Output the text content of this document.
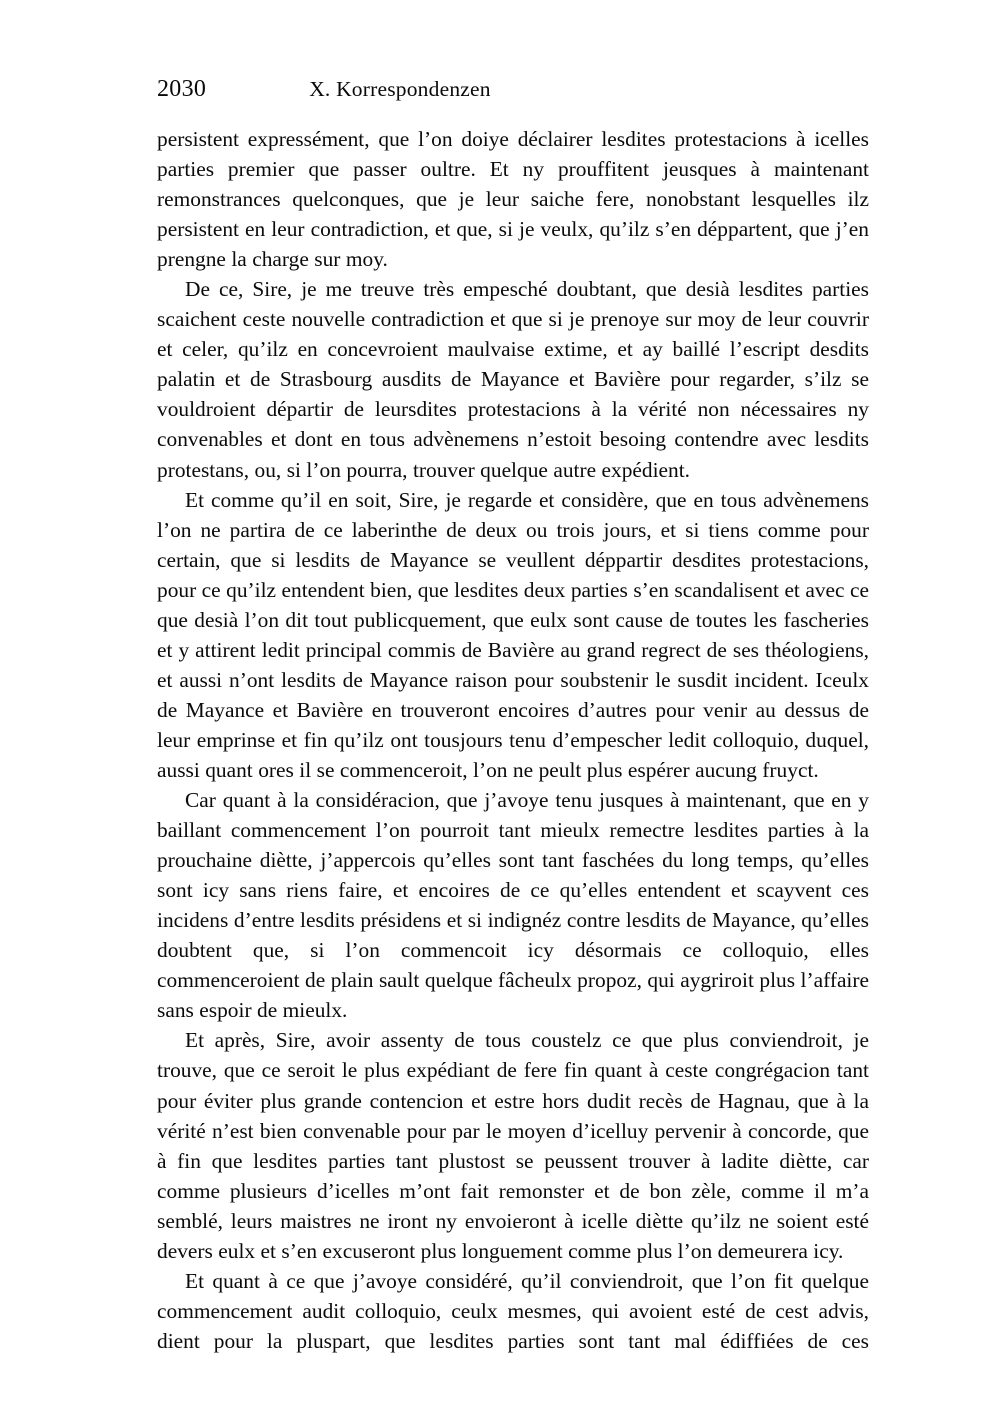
2030	X. Korrespondenzen

persistent expressément, que l’on doiye déclairer lesdites protestacions à icelles parties premier que passer oultre. Et ny prouffitent jeusques à maintenant remonstrances quelconques, que je leur saiche fere, nonobstant lesquelles ilz persistent en leur contradiction, et que, si je veulx, qu’ilz s’en déppartent, que j’en prengne la charge sur moy.

De ce, Sire, je me treuve très empesché doubtant, que desià lesdites parties scaichent ceste nouvelle contradiction et que si je prenoye sur moy de leur couvrir et celer, qu’ilz en concevroient maulvaise extime, et ay baillé l’escript desdits palatin et de Strasbourg ausdits de Mayance et Bavière pour regarder, s’ilz se vouldroient départir de leursdites protestacions à la vérité non nécessaires ny convenables et dont en tous advènemens n’estoit besoing contendre avec lesdits protestans, ou, si l’on pourra, trouver quelque autre expédient.

Et comme qu’il en soit, Sire, je regarde et considère, que en tous advènemens l’on ne partira de ce laberinthe de deux ou trois jours, et si tiens comme pour certain, que si lesdits de Mayance se veullent déppartir desdites protestacions, pour ce qu’ilz entendent bien, que lesdites deux parties s’en scandalisent et avec ce que desià l’on dit tout publicquement, que eulx sont cause de toutes les fascheries et y attirent ledit principal commis de Bavière au grand regrect de ses théologiens, et aussi n’ont lesdits de Mayance raison pour soubstenir le susdit incident. Iceulx de Mayance et Bavière en trouveront encoires d’autres pour venir au dessus de leur emprinse et fin qu’ilz ont tousjours tenu d’empescher ledit colloquio, duquel, aussi quant ores il se commenceroit, l’on ne peult plus espérer aucung fruyct.

Car quant à la considéracion, que j’avoye tenu jusques à maintenant, que en y baillant commencement l’on pourroit tant mieulx remectre lesdites parties à la prouchaine diètte, j’appercois qu’elles sont tant faschées du long temps, qu’elles sont icy sans riens faire, et encoires de ce qu’elles entendent et scayvent ces incidens d’entre lesdits présidens et si indignéz contre lesdits de Mayance, qu’elles doubtent que, si l’on commencoit icy désormais ce colloquio, elles commenceroient de plain sault quelque fâcheulx propoz, qui aygriroit plus l’affaire sans espoir de mieulx.

Et après, Sire, avoir assenty de tous coustelz ce que plus conviendroit, je trouve, que ce seroit le plus expédiant de fere fin quant à ceste congrégacion tant pour éviter plus grande contencion et estre hors dudit recès de Hagnau, que à la vérité n’est bien convenable pour par le moyen d’icelluy pervenir à concorde, que à fin que lesdites parties tant plustost se peussent trouver à ladite diètte, car comme plusieurs d’icelles m’ont fait remonster et de bon zèle, comme il m’a semblé, leurs maistres ne iront ny envoieront à icelle diètte qu’ilz ne soient esté devers eulx et s’en excuseront plus longuement comme plus l’on demeurera icy.

Et quant à ce que j’avoye considéré, qu’il conviendroit, que l’on fit quelque commencement audit colloquio, ceulx mesmes, qui avoient esté de cest advis, dient pour la pluspart, que lesdites parties sont tant mal édiffiées de ces
